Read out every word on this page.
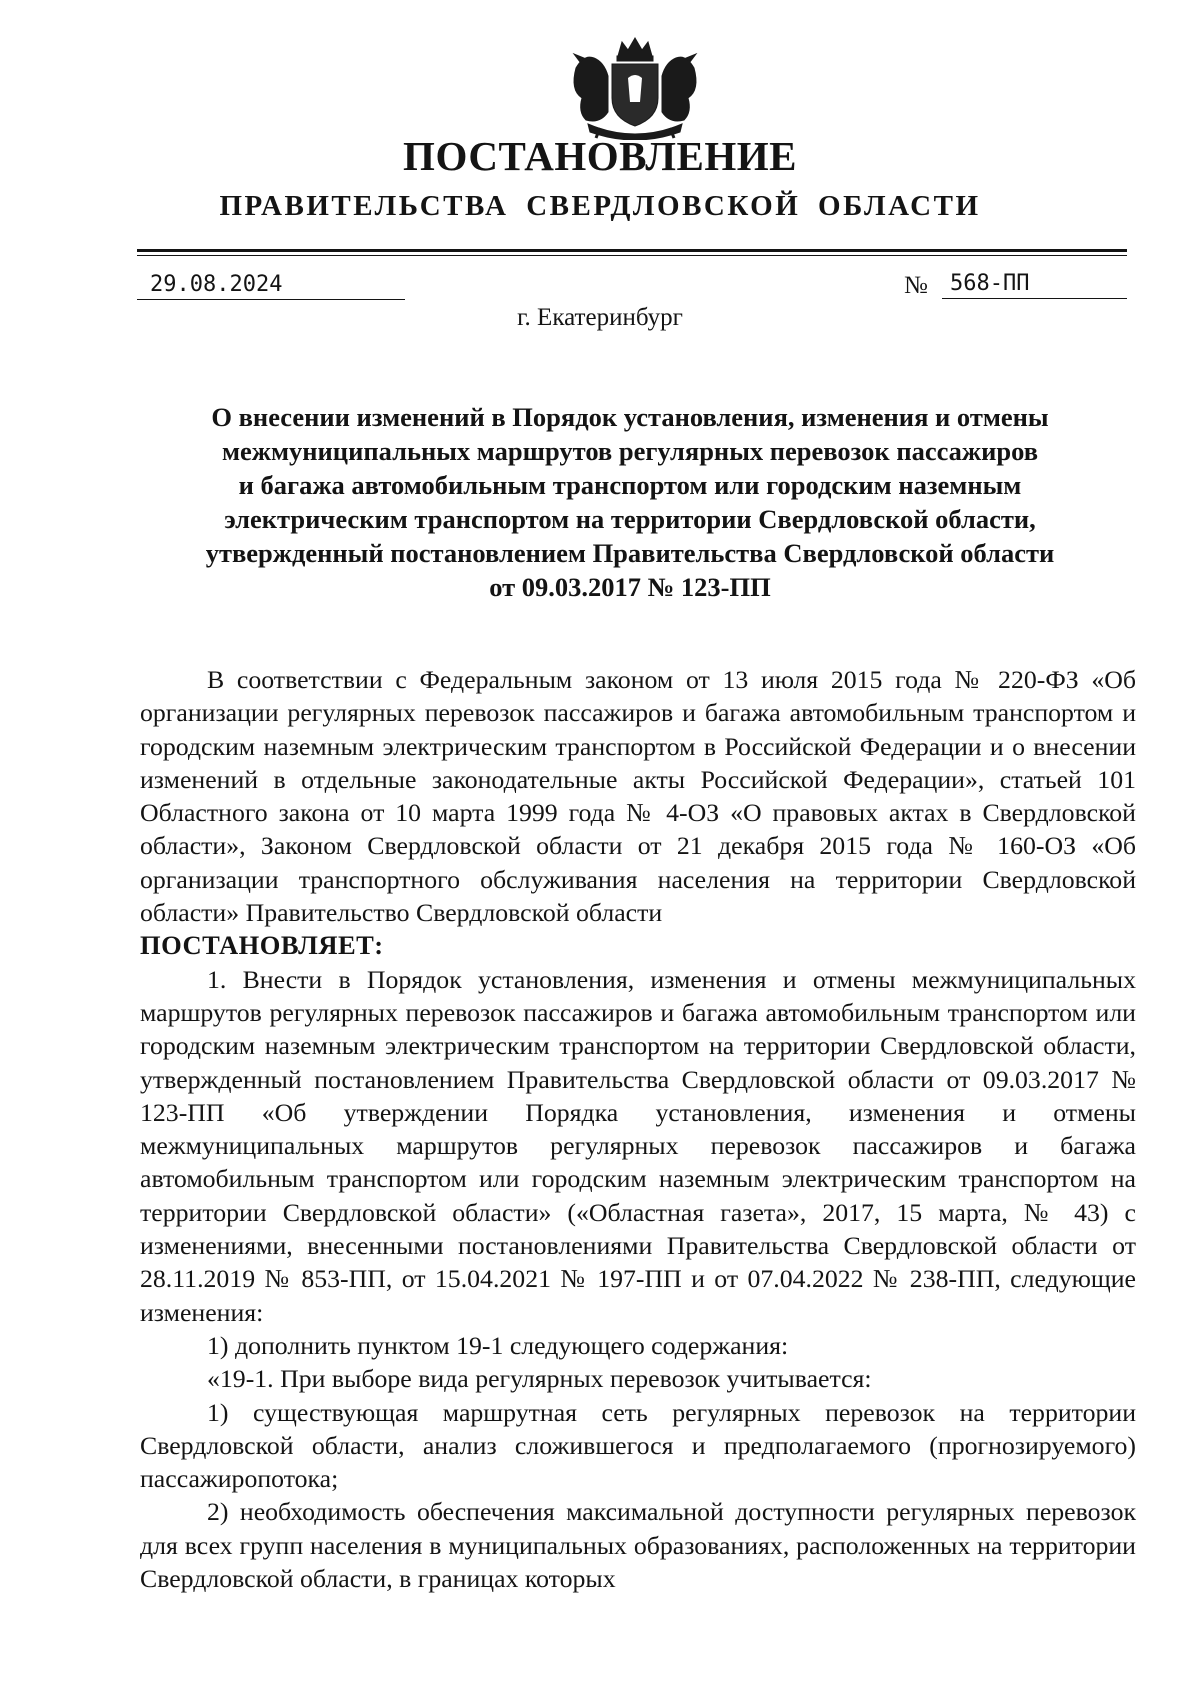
ПОСТАНОВЛЕНИЕ
ПРАВИТЕЛЬСТВА СВЕРДЛОВСКОЙ ОБЛАСТИ
29.08.2024	№ 568-ПП
г. Екатеринбург
О внесении изменений в Порядок установления, изменения и отмены
межмуниципальных маршрутов регулярных перевозок пассажиров
и багажа автомобильным транспортом или городским наземным
электрическим транспортом на территории Свердловской области,
утвержденный постановлением Правительства Свердловской области
от 09.03.2017 № 123-ПП

В соответствии с Федеральным законом от 13 июля 2015 года № 220-ФЗ «Об организации регулярных перевозок пассажиров и багажа автомобильным транспортом и городским наземным электрическим транспортом в Российской Федерации и о внесении изменений в отдельные законодательные акты Российской Федерации», статьей 101 Областного закона от 10 марта 1999 года № 4-ОЗ «О правовых актах в Свердловской области», Законом Свердловской области от 21 декабря 2015 года № 160-ОЗ «Об организации транспортного обслуживания населения на территории Свердловской области» Правительство Свердловской области

ПОСТАНОВЛЯЕТ:

1. Внести в Порядок установления, изменения и отмены межмуниципальных маршрутов регулярных перевозок пассажиров и багажа автомобильным транспортом или городским наземным электрическим транспортом на территории Свердловской области, утвержденный постановлением Правительства Свердловской области от 09.03.2017 № 123-ПП «Об утверждении Порядка установления, изменения и отмены межмуниципальных маршрутов регулярных перевозок пассажиров и багажа автомобильным транспортом или городским наземным электрическим транспортом на территории Свердловской области» («Областная газета», 2017, 15 марта, № 43) с изменениями, внесенными постановлениями Правительства Свердловской области от 28.11.2019 № 853-ПП, от 15.04.2021 № 197-ПП и от 07.04.2022 № 238-ПП, следующие изменения:

1) дополнить пунктом 19-1 следующего содержания:

«19-1. При выборе вида регулярных перевозок учитывается:

1) существующая маршрутная сеть регулярных перевозок на территории Свердловской области, анализ сложившегося и предполагаемого (прогнозируемого) пассажиропотока;

2) необходимость обеспечения максимальной доступности регулярных перевозок для всех групп населения в муниципальных образованиях, расположенных на территории Свердловской области, в границах которых
